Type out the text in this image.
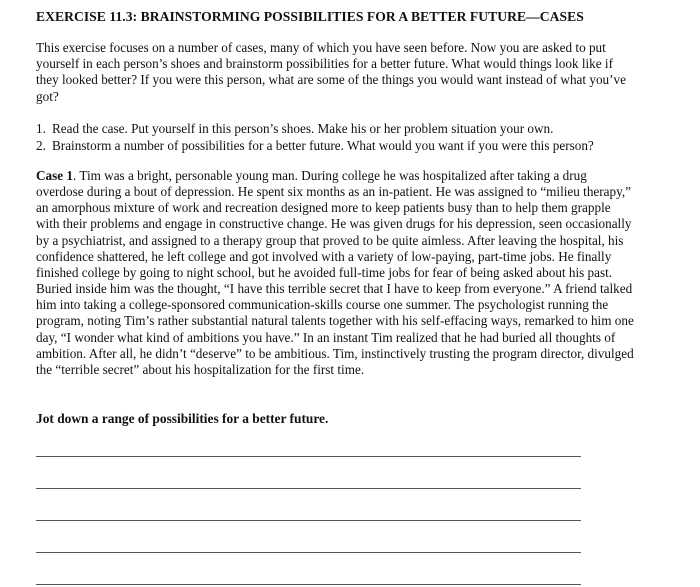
EXERCISE 11.3: BRAINSTORMING POSSIBILITIES FOR A BETTER FUTURE—CASES

This exercise focuses on a number of cases, many of which you have seen before. Now you are asked to put yourself in each person’s shoes and brainstorm possibilities for a better future. What would things look like if they looked better? If you were this person, what are some of the things you would want instead of what you’ve got?

1. Read the case. Put yourself in this person’s shoes. Make his or her problem situation your own.
2. Brainstorm a number of possibilities for a better future. What would you want if you were this person?

Case 1. Tim was a bright, personable young man. During college he was hospitalized after taking a drug overdose during a bout of depression. He spent six months as an in-patient. He was assigned to “milieu therapy,” an amorphous mixture of work and recreation designed more to keep patients busy than to help them grapple with their problems and engage in constructive change. He was given drugs for his depression, seen occasionally by a psychiatrist, and assigned to a therapy group that proved to be quite aimless. After leaving the hospital, his confidence shattered, he left college and got involved with a variety of low-paying, part-time jobs. He finally finished college by going to night school, but he avoided full-time jobs for fear of being asked about his past. Buried inside him was the thought, “I have this terrible secret that I have to keep from everyone.” A friend talked him into taking a college-sponsored communication-skills course one summer. The psychologist running the program, noting Tim’s rather substantial natural talents together with his self-effacing ways, remarked to him one day, “I wonder what kind of ambitions you have.” In an instant Tim realized that he had buried all thoughts of ambition. After all, he didn’t “deserve” to be ambitious. Tim, instinctively trusting the program director, divulged the “terrible secret” about his hospitalization for the first time.

Jot down a range of possibilities for a better future.
